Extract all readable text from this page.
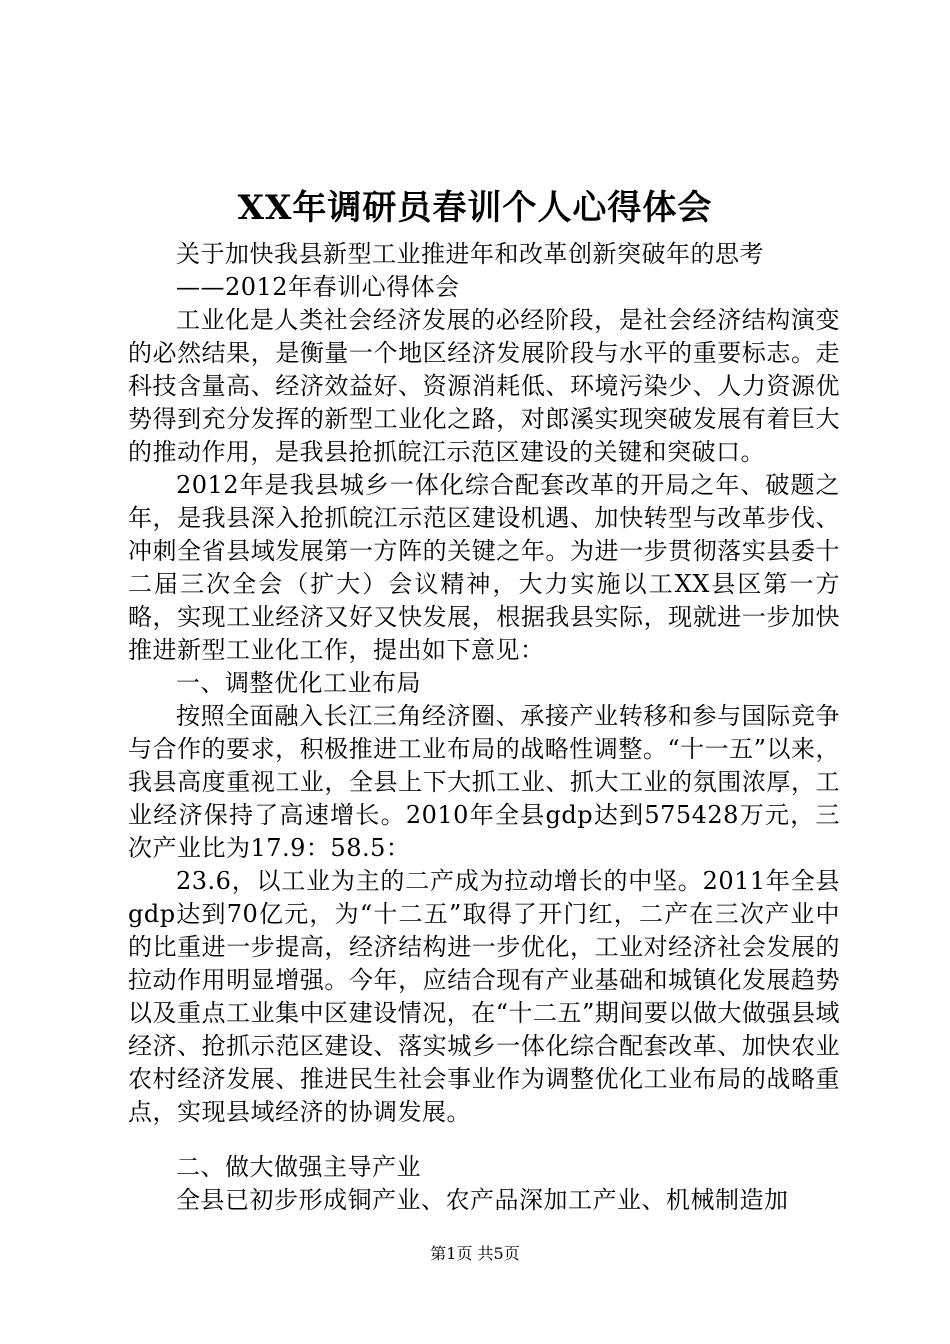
XX年调研员春训个人心得体会

关于加快我县新型工业推进年和改革创新突破年的思考

——2012年春训心得体会

工业化是人类社会经济发展的必经阶段，是社会经济结构演变的必然结果，是衡量一个地区经济发展阶段与水平的重要标志。走科技含量高、经济效益好、资源消耗低、环境污染少、人力资源优势得到充分发挥的新型工业化之路，对郎溪实现突破发展有着巨大的推动作用，是我县抢抓皖江示范区建设的关键和突破口。

2012年是我县城乡一体化综合配套改革的开局之年、破题之年，是我县深入抢抓皖江示范区建设机遇、加快转型与改革步伐、冲刺全省县域发展第一方阵的关键之年。为进一步贯彻落实县委十二届三次全会（扩大）会议精神，大力实施以工XX县区第一方略，实现工业经济又好又快发展，根据我县实际，现就进一步加快推进新型工业化工作，提出如下意见：

一、调整优化工业布局

按照全面融入长江三角经济圈、承接产业转移和参与国际竞争与合作的要求，积极推进工业布局的战略性调整。“十一五”以来，我县高度重视工业，全县上下大抓工业、抓大工业的氛围浓厚，工业经济保持了高速增长。2010年全县gdp达到575428万元，三次产业比为17.9：58.5：

23.6，以工业为主的二产成为拉动增长的中坚。2011年全县gdp达到70亿元，为“十二五”取得了开门红，二产在三次产业中的比重进一步提高，经济结构进一步优化，工业对经济社会发展的拉动作用明显增强。今年，应结合现有产业基础和城镇化发展趋势以及重点工业集中区建设情况，在“十二五”期间要以做大做强县域经济、抢抓示范区建设、落实城乡一体化综合配套改革、加快农业农村经济发展、推进民生社会事业作为调整优化工业布局的战略重点，实现县域经济的协调发展。

二、做大做强主导产业

全县已初步形成铜产业、农产品深加工产业、机械制造加

第1页 共5页
